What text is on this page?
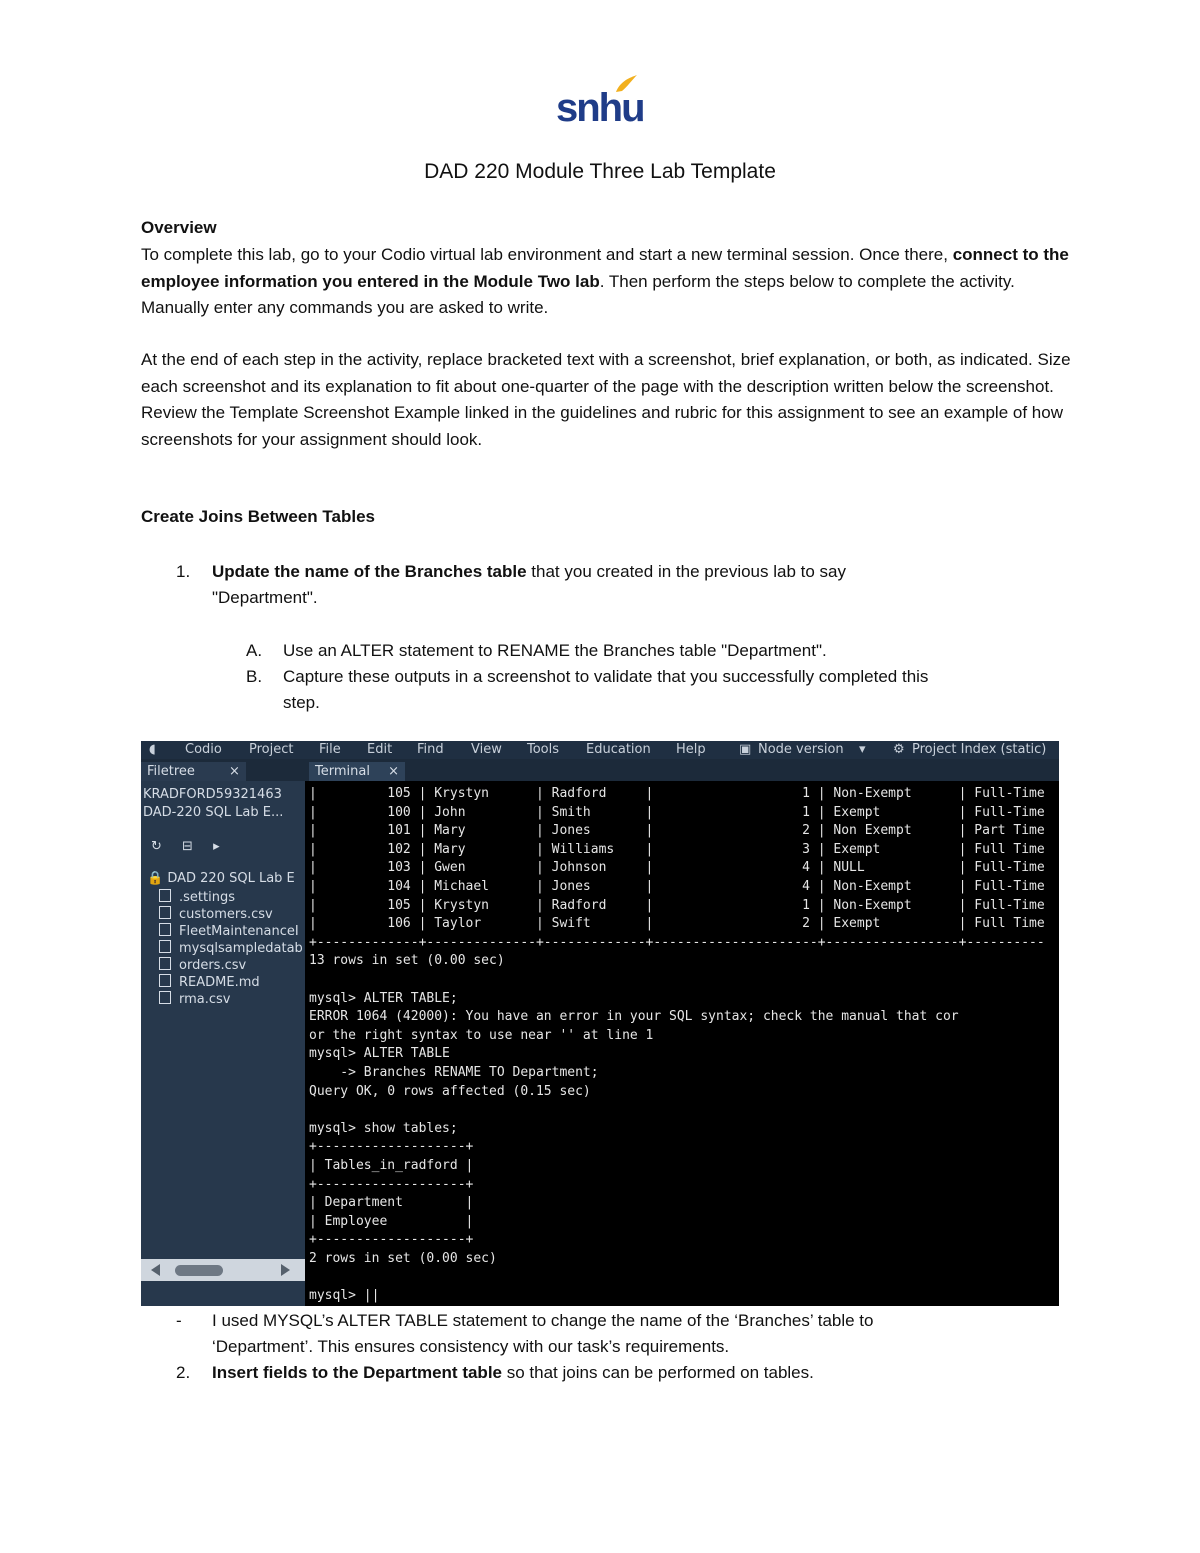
snhu
DAD 220 Module Three Lab Template
Overview
To complete this lab, go to your Codio virtual lab environment and start a new terminal session. Once there, connect to the employee information you entered in the Module Two lab. Then perform the steps below to complete the activity. Manually enter any commands you are asked to write.
At the end of each step in the activity, replace bracketed text with a screenshot, brief explanation, or both, as indicated. Size each screenshot and its explanation to fit about one-quarter of the page with the description written below the screenshot. Review the Template Screenshot Example linked in the guidelines and rubric for this assignment to see an example of how screenshots for your assignment should look.
Create Joins Between Tables
1. Update the name of the Branches table that you created in the previous lab to say
"Department".
A. Use an ALTER statement to RENAME the Branches table "Department".
B. Capture these outputs in a screenshot to validate that you successfully completed this
step.
◖ Codio Project File Edit Find View Tools Education Help	▣ Node version ▾ ⚙ Project Index (static)
Filetree	×	Terminal ×
KRADFORD59321463
DAD-220 SQL Lab E...
↻ ⊟ ▸
🔒 DAD 220 SQL Lab E
.settings
customers.csv
FleetMaintenanceI
mysqlsampledatab
orders.csv
README.md
rma.csv
|         105 | Krystyn      | Radford     |                   1 | Non-Exempt      | Full-Time
|         100 | John         | Smith       |                   1 | Exempt          | Full-Time
|         101 | Mary         | Jones       |                   2 | Non Exempt      | Part Time
|         102 | Mary         | Williams    |                   3 | Exempt          | Full Time
|         103 | Gwen         | Johnson     |                   4 | NULL            | Full-Time
|         104 | Michael      | Jones       |                   4 | Non-Exempt      | Full-Time
|         105 | Krystyn      | Radford     |                   1 | Non-Exempt      | Full-Time
|         106 | Taylor       | Swift       |                   2 | Exempt          | Full Time
+-------------+--------------+-------------+---------------------+-----------------+----------
13 rows in set (0.00 sec)
mysql> ALTER TABLE;
ERROR 1064 (42000): You have an error in your SQL syntax; check the manual that cor
or the right syntax to use near '' at line 1
mysql> ALTER TABLE
-> Branches RENAME TO Department;
Query OK, 0 rows affected (0.15 sec)
mysql> show tables;
+-------------------+
| Tables_in_radford |
+-------------------+
| Department        |
| Employee          |
+-------------------+
2 rows in set (0.00 sec)
mysql> ||
- I used MYSQL’s ALTER TABLE statement to change the name of the ‘Branches’ table to
‘Department’. This ensures consistency with our task’s requirements.
2. Insert fields to the Department table so that joins can be performed on tables.
